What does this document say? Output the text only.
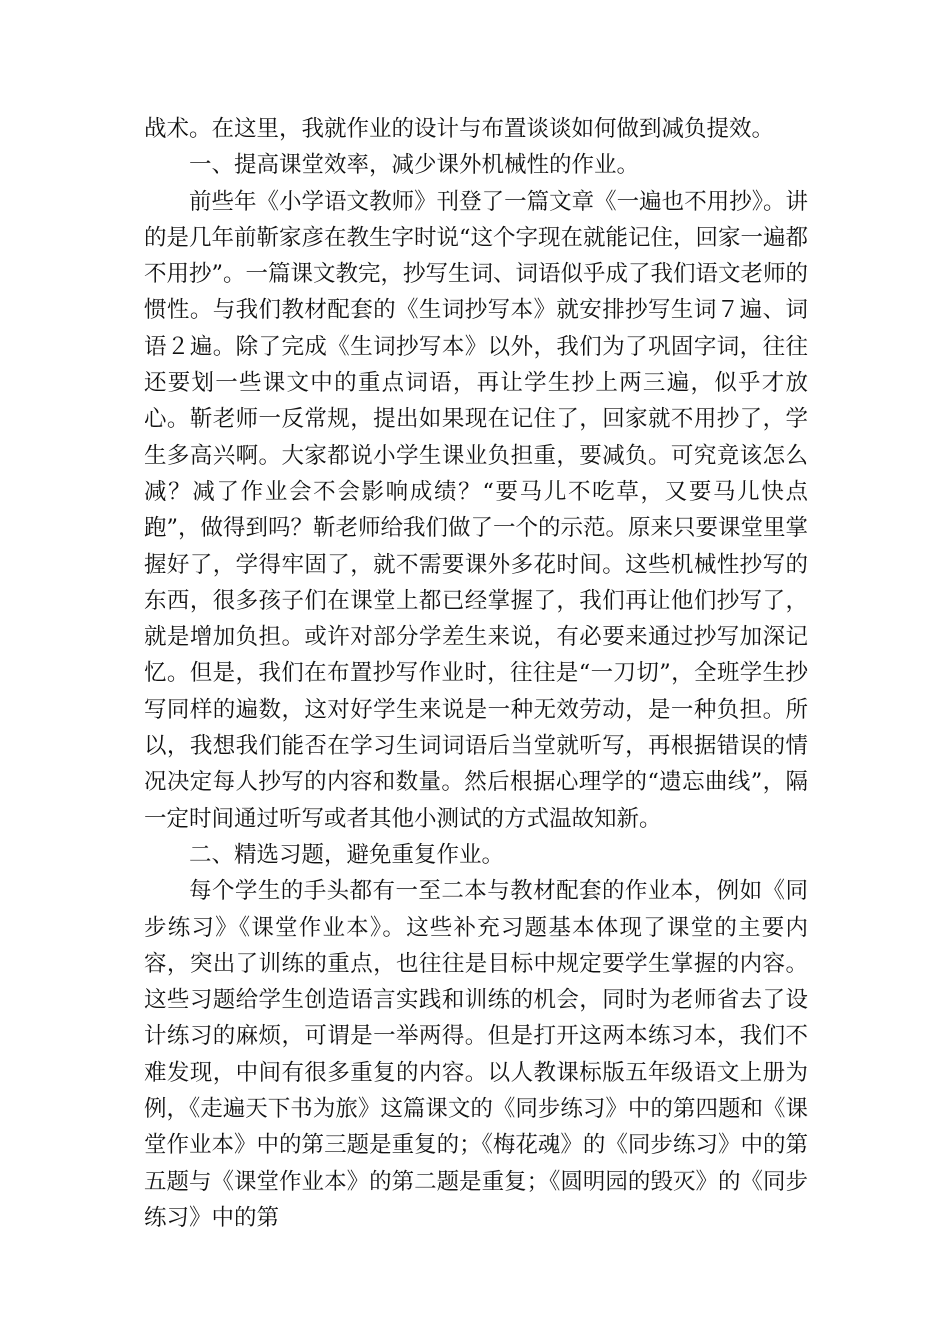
战术。在这里，我就作业的设计与布置谈谈如何做到减负提效。

一、提高课堂效率，减少课外机械性的作业。

前些年《小学语文教师》刊登了一篇文章《一遍也不用抄》。讲的是几年前靳家彦在教生字时说“这个字现在就能记住，回家一遍都不用抄”。一篇课文教完，抄写生词、词语似乎成了我们语文老师的惯性。与我们教材配套的《生词抄写本》就安排抄写生词７遍、词语２遍。除了完成《生词抄写本》以外，我们为了巩固字词，往往还要划一些课文中的重点词语，再让学生抄上两三遍，似乎才放心。靳老师一反常规，提出如果现在记住了，回家就不用抄了，学生多高兴啊。大家都说小学生课业负担重，要减负。可究竟该怎么减？减了作业会不会影响成绩？“要马儿不吃草，又要马儿快点跑”，做得到吗？靳老师给我们做了一个的示范。原来只要课堂里掌握好了，学得牢固了，就不需要课外多花时间。这些机械性抄写的东西，很多孩子们在课堂上都已经掌握了，我们再让他们抄写了，就是增加负担。或许对部分学差生来说，有必要来通过抄写加深记忆。但是，我们在布置抄写作业时，往往是“一刀切”，全班学生抄写同样的遍数，这对好学生来说是一种无效劳动，是一种负担。所以，我想我们能否在学习生词词语后当堂就听写，再根据错误的情况决定每人抄写的内容和数量。然后根据心理学的“遗忘曲线”，隔一定时间通过听写或者其他小测试的方式温故知新。

二、精选习题，避免重复作业。

每个学生的手头都有一至二本与教材配套的作业本，例如《同步练习》《课堂作业本》。这些补充习题基本体现了课堂的主要内容，突出了训练的重点，也往往是目标中规定要学生掌握的内容。这些习题给学生创造语言实践和训练的机会，同时为老师省去了设计练习的麻烦，可谓是一举两得。但是打开这两本练习本，我们不难发现，中间有很多重复的内容。以人教课标版五年级语文上册为例，《走遍天下书为旅》这篇课文的《同步练习》中的第四题和《课堂作业本》中的第三题是重复的；《梅花魂》的《同步练习》中的第五题与《课堂作业本》的第二题是重复；《圆明园的毁灭》的《同步练习》中的第
